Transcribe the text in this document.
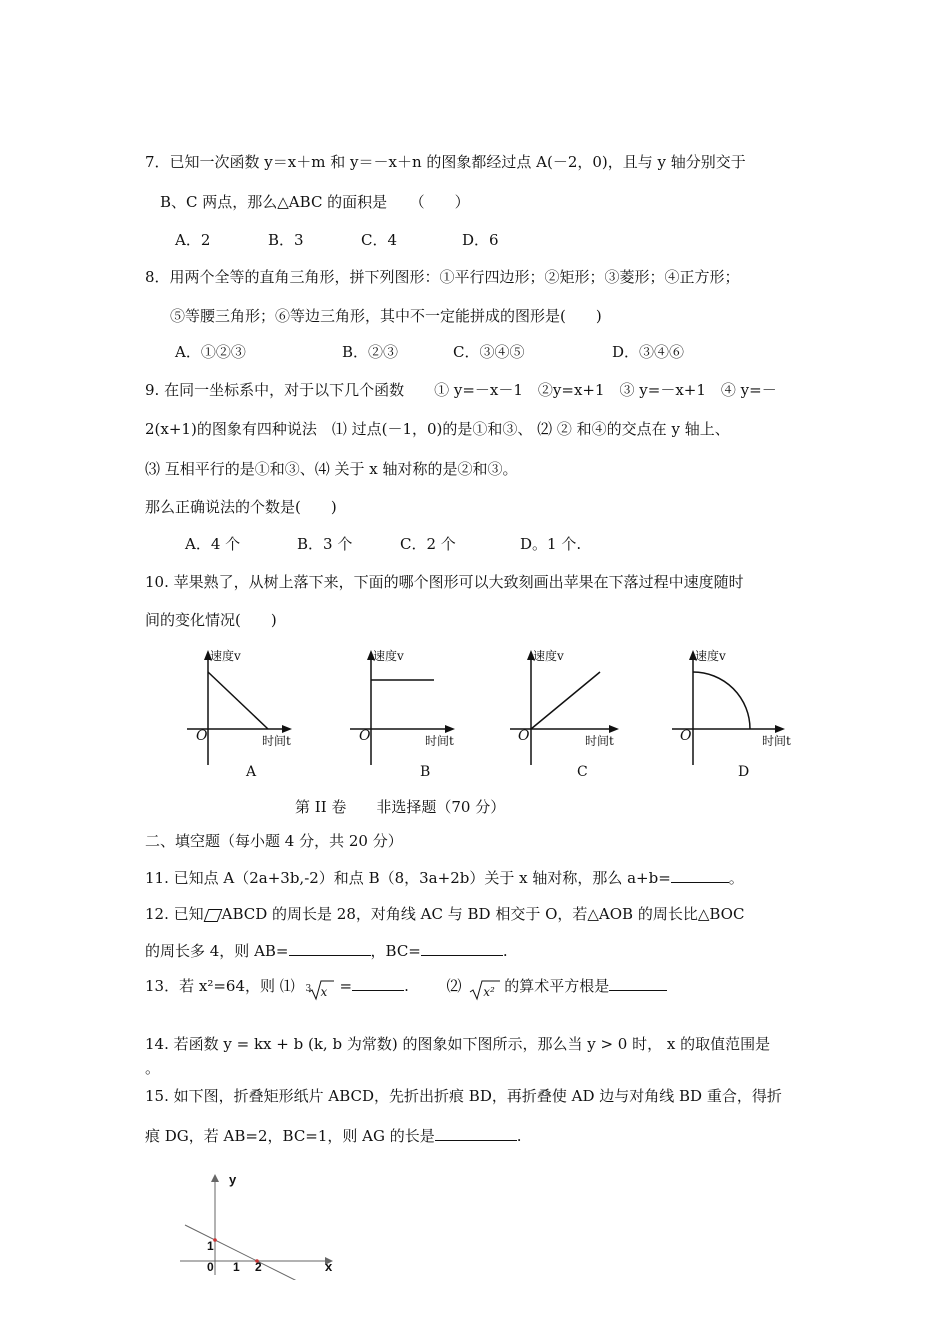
7．已知一次函数 y＝x＋m 和 y＝－x＋n 的图象都经过点 A(－2，0)，且与 y 轴分别交于
B、C 两点，那么△ABC 的面积是　　（　　）
A．2	B．3	C．4	D．6
8．用两个全等的直角三角形，拼下列图形：①平行四边形；②矩形；③菱形；④正方形；
⑤等腰三角形；⑥等边三角形，其中不一定能拼成的图形是(　　)
A．①②③	B．②③	C．③④⑤	D．③④⑥
9. 在同一坐标系中，对于以下几个函数　　① y=－x－1　②y=x+1　③ y=－x+1　④ y=－
2(x+1)的图象有四种说法　⑴ 过点(－1，0)的是①和③、 ⑵ ② 和④的交点在 y 轴上、
⑶ 互相平行的是①和③、⑷ 关于 x 轴对称的是②和③。
那么正确说法的个数是(　　)
A．4 个	B．3 个	C．2 个	D。1 个.
10. 苹果熟了，从树上落下来，下面的哪个图形可以大致刻画出苹果在下落过程中速度随时
间的变化情况(　　)
速度v
O	时间t
A
速度v
O	时间t
B
速度v
O	时间t
C
速度v
O	时间t
D
第 II 卷　　非选择题（70 分）
二、填空题（每小题 4 分，共 20 分）
11. 已知点 A（2a+3b,-2）和点 B（8，3a+2b）关于 x 轴对称，那么 a+b=	。
12. 已知 ABCD 的周长是 28，对角线 AC 与 BD 相交于 O，若△AOB 的周长比△BOC
的周长多 4，则 AB=	，BC=	.
13．若 x²=64，则 ⑴ 3 x =	.	⑵ x² 的算术平方根是
14. 若函数 y = kx + b (k, b 为常数) 的图象如下图所示，那么当 y > 0 时， x 的取值范围是
。
15. 如下图，折叠矩形纸片 ABCD，先折出折痕 BD，再折叠使 AD 边与对角线 BD 重合，得折
痕 DG，若 AB=2，BC=1，则 AG 的长是	.
y
x
0 1 2
1
